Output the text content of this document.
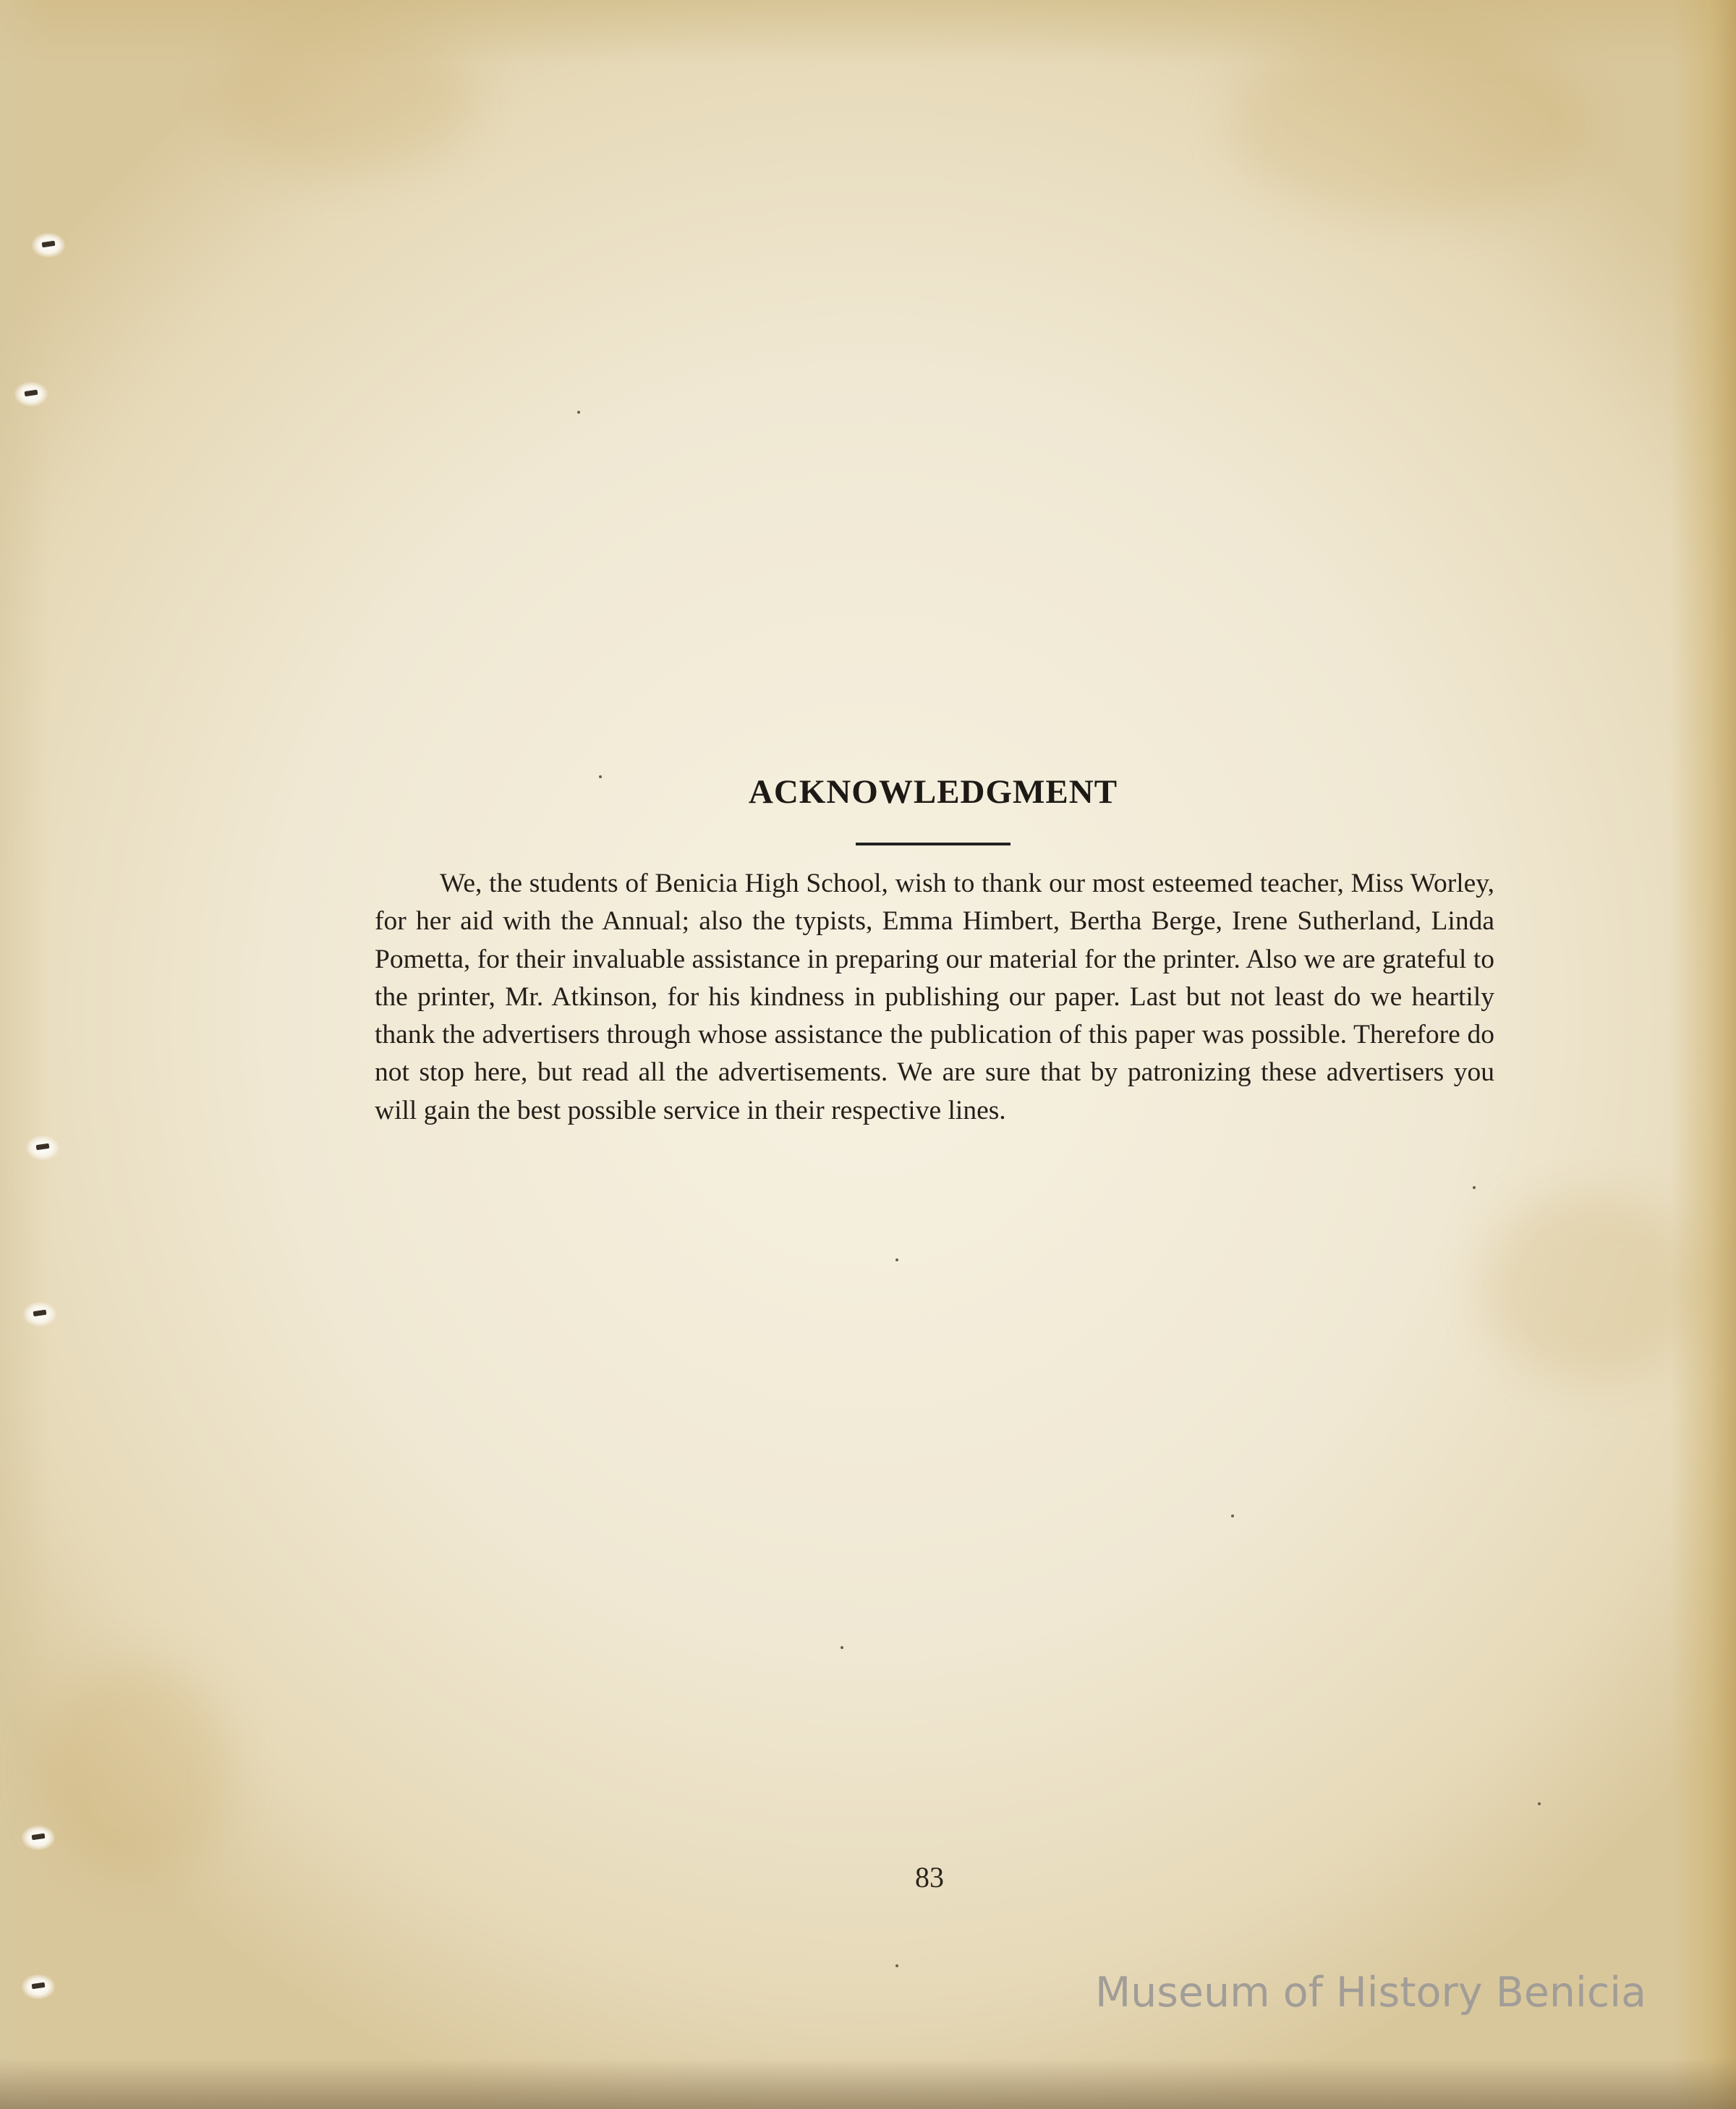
ACKNOWLEDGMENT

We, the students of Benicia High School, wish to thank our most esteemed teacher, Miss Worley, for her aid with the Annual; also the typists, Emma Himbert, Bertha Berge, Irene Sutherland, Linda Pometta, for their invaluable assistance in preparing our material for the printer. Also we are grateful to the printer, Mr. Atkinson, for his kindness in publishing our paper. Last but not least do we heartily thank the advertisers through whose assistance the publication of this paper was possible. Therefore do not stop here, but read all the advertisements. We are sure that by patronizing these advertisers you will gain the best possible service in their respective lines.

83

Museum of History Benicia
